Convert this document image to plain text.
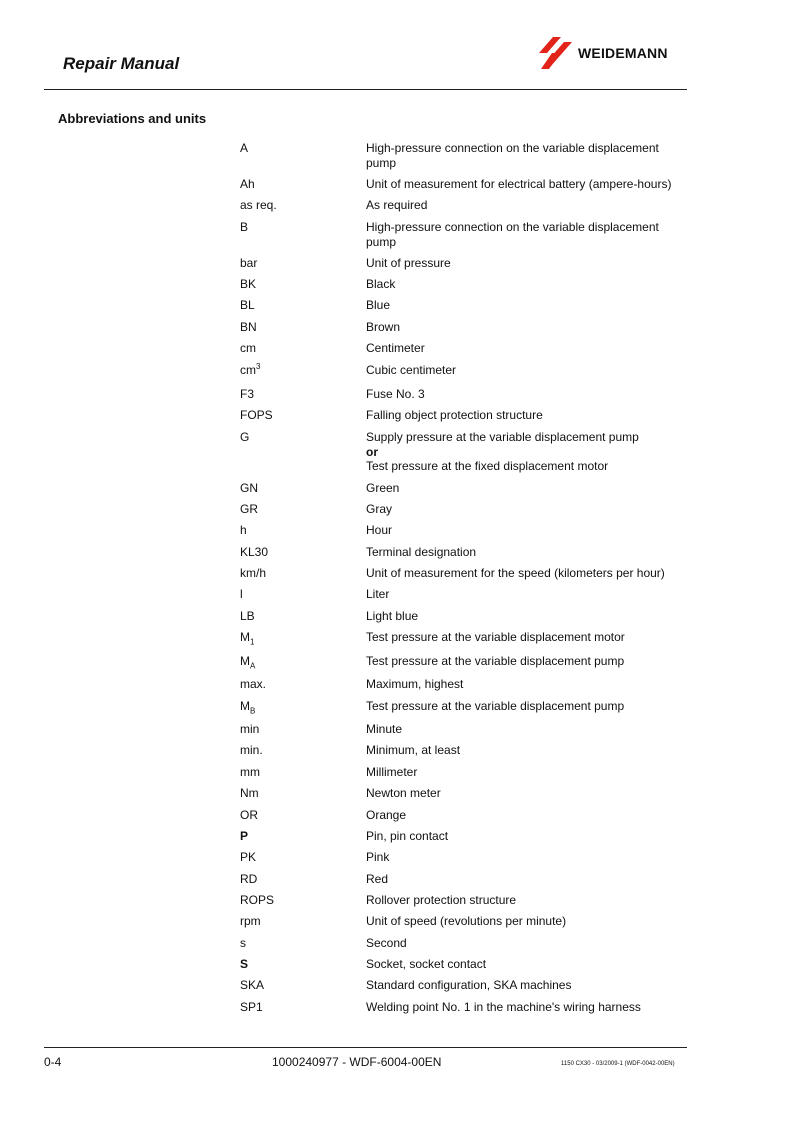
Repair Manual
WEIDEMANN
Abbreviations and units
A	High-pressure connection on the variable displacement
pump
Ah	Unit of measurement for electrical battery (ampere-hours)
as req.	As required
B	High-pressure connection on the variable displacement
pump
bar	Unit of pressure
BK	Black
BL	Blue
BN	Brown
cm	Centimeter
$cm^3$	Cubic centimeter
F3	Fuse No. 3
FOPS	Falling object protection structure
G	Supply pressure at the variable displacement pump
or
Test pressure at the fixed displacement motor
GN	Green
GR	Gray
h	Hour
KL30	Terminal designation
km/h	Unit of measurement for the speed (kilometers per hour)
l	Liter
LB	Light blue
$M_1$	Test pressure at the variable displacement motor
$M_A$	Test pressure at the variable displacement pump
max.	Maximum, highest
$M_B$	Test pressure at the variable displacement pump
min	Minute
min.	Minimum, at least
mm	Millimeter
Nm	Newton meter
OR	Orange
P	Pin, pin contact
PK	Pink
RD	Red
ROPS	Rollover protection structure
rpm	Unit of speed (revolutions per minute)
s	Second
S	Socket, socket contact
SKA	Standard configuration, SKA machines
SP1	Welding point No. 1 in the machine's wiring harness
0-4	1000240977 - WDF-6004-00EN	1150 CX30 - 03/2009-1 (WDF-0042-00EN)
